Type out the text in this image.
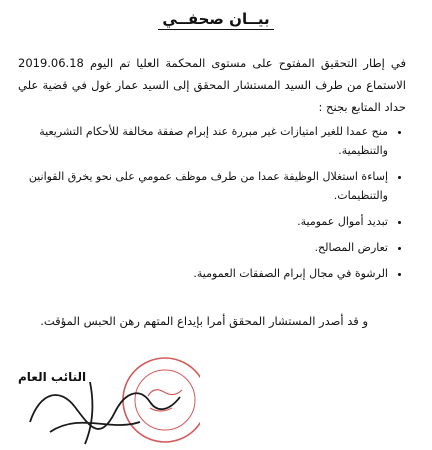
بيــان صحفــي
في إطار التحقيق المفتوح على مستوى المحكمة العليا تم اليوم 2019.06.18 الاستماع من طرف السيد المستشار المحقق إلى السيد عمار غول في قضية علي حداد المتابع بجنح :
• منح عمدا للغير امتيازات غير مبررة عند إبرام صفقة مخالفة للأحكام التشريعية والتنظيمية.
• إساءة استغلال الوظيفة عمدا من طرف موظف عمومي على نحو يخرق القوانين والتنظيمات.
• تبديد أموال عمومية.
• تعارض المصالح.
• الرشوة في مجال إبرام الصفقات العمومية.
و قد أصدر المستشار المحقق أمرا بإيداع المتهم رهن الحبس المؤقت.
النائب العام
